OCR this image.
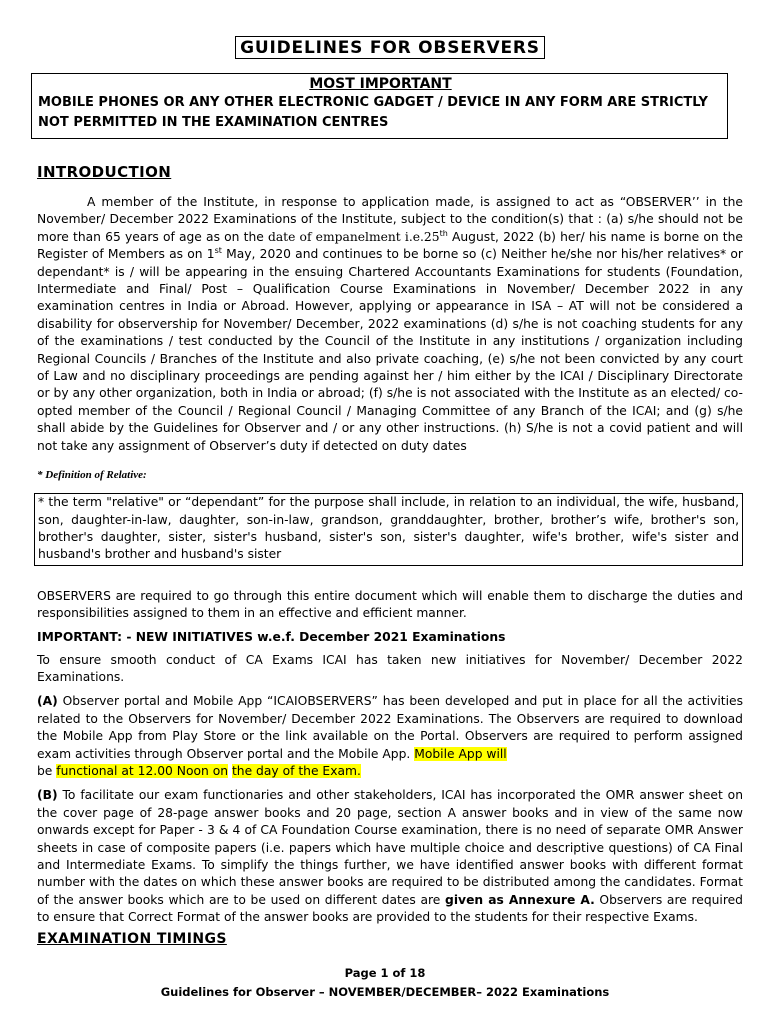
GUIDELINES FOR OBSERVERS

MOST IMPORTANT

MOBILE PHONES OR ANY OTHER ELECTRONIC GADGET / DEVICE IN ANY FORM ARE STRICTLY NOT PERMITTED IN THE EXAMINATION CENTRES

INTRODUCTION

A member of the Institute, in response to application made, is assigned to act as “OBSERVER’’ in the November/ December 2022 Examinations of the Institute, subject to the condition(s) that : (a) s/he should not be more than 65 years of age as on the date of empanelment i.e.25th August, 2022 (b) her/ his name is borne on the Register of Members as on 1st May, 2020 and continues to be borne so (c) Neither he/she nor his/her relatives* or dependant* is / will be appearing in the ensuing Chartered Accountants Examinations for students (Foundation, Intermediate and Final/ Post – Qualification Course Examinations in November/ December 2022 in any examination centres in India or Abroad. However, applying or appearance in ISA – AT will not be considered a disability for observership for November/ December, 2022 examinations (d) s/he is not coaching students for any of the examinations / test conducted by the Council of the Institute in any institutions / organization including Regional Councils / Branches of the Institute and also private coaching, (e) s/he not been convicted by any court of Law and no disciplinary proceedings are pending against her / him either by the ICAI / Disciplinary Directorate or by any other organization, both in India or abroad; (f) s/he is not associated with the Institute as an elected/ co-opted member of the Council / Regional Council / Managing Committee of any Branch of the ICAI; and (g) s/he shall abide by the Guidelines for Observer and / or any other instructions. (h) S/he is not a covid patient and will not take any assignment of Observer’s duty if detected on duty dates

* Definition of Relative:

* the term "relative" or “dependant” for the purpose shall include, in relation to an individual, the wife, husband, son, daughter-in-law, daughter, son-in-law, grandson, granddaughter, brother, brother’s wife, brother's son, brother's daughter, sister, sister's husband, sister's son, sister's daughter, wife's brother, wife's sister and husband's brother and husband's sister

OBSERVERS are required to go through this entire document which will enable them to discharge the duties and responsibilities assigned to them in an effective and efficient manner.

IMPORTANT: - NEW INITIATIVES w.e.f. December 2021 Examinations

To ensure smooth conduct of CA Exams ICAI has taken new initiatives for November/ December 2022 Examinations.

(A) Observer portal and Mobile App “ICAIOBSERVERS” has been developed and put in place for all the activities related to the Observers for November/ December 2022 Examinations. The Observers are required to download the Mobile App from Play Store or the link available on the Portal. Observers are required to perform assigned exam activities through Observer portal and the Mobile App. Mobile App will
be functional at 12.00 Noon on the day of the Exam.

(B) To facilitate our exam functionaries and other stakeholders, ICAI has incorporated the OMR answer sheet on the cover page of 28-page answer books and 20 page, section A answer books and in view of the same now onwards except for Paper - 3 & 4 of CA Foundation Course examination, there is no need of separate OMR Answer sheets in case of composite papers (i.e. papers which have multiple choice and descriptive questions) of CA Final and Intermediate Exams. To simplify the things further, we have identified answer books with different format number with the dates on which these answer books are required to be distributed among the candidates. Format of the answer books which are to be used on different dates are given as Annexure A. Observers are required to ensure that Correct Format of the answer books are provided to the students for their respective Exams.

EXAMINATION TIMINGS

Page 1 of 18
Guidelines for Observer – NOVEMBER/DECEMBER– 2022 Examinations
